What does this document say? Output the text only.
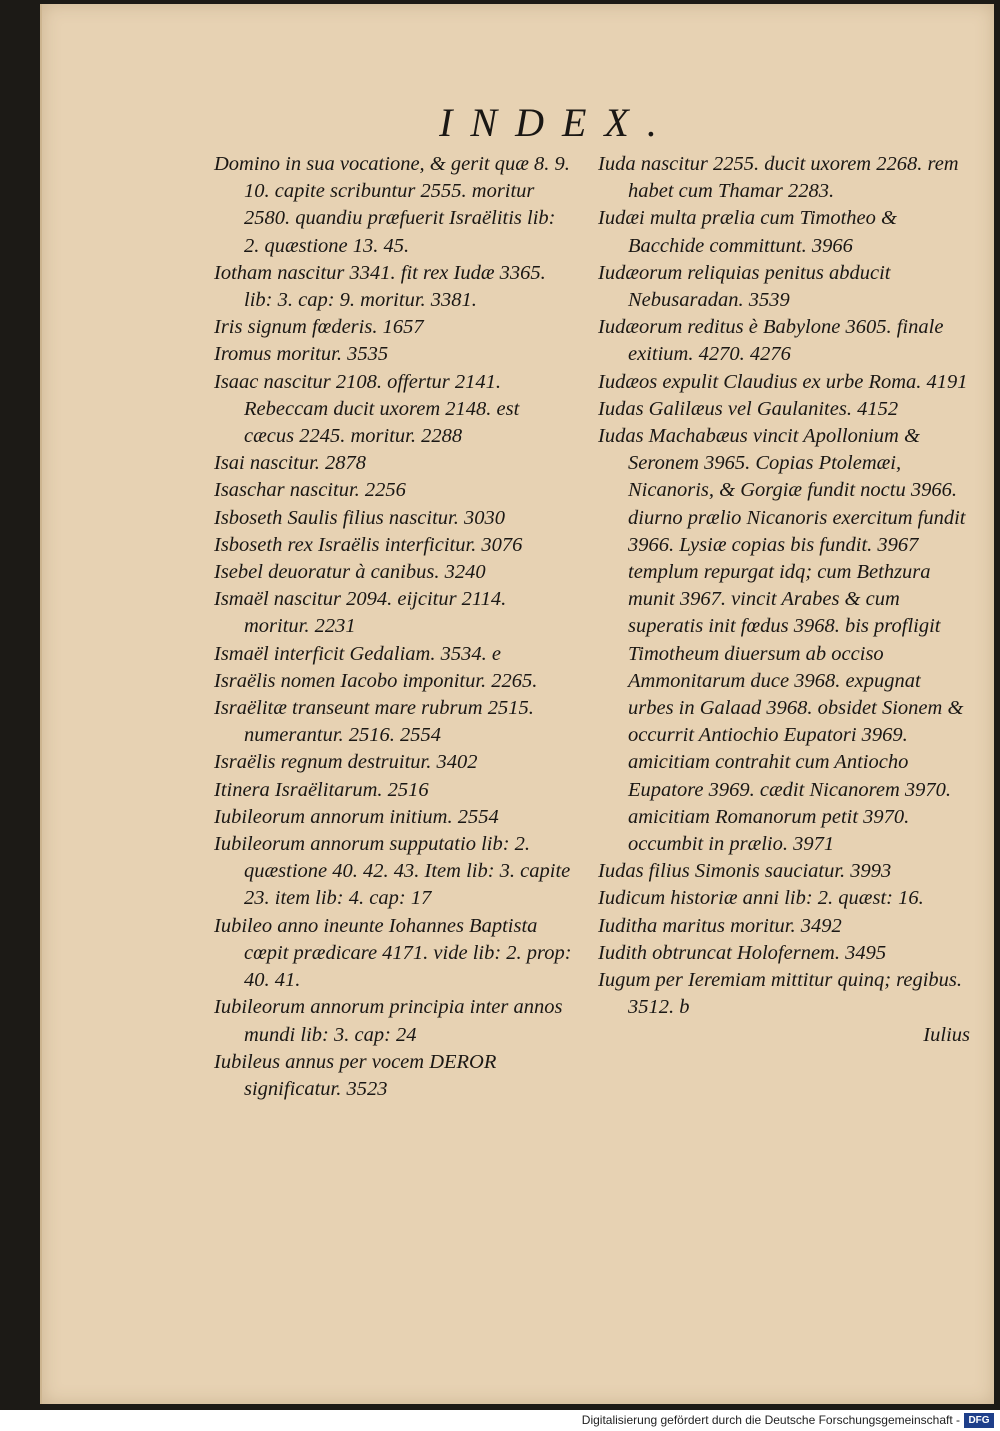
INDEX.
Domino in sua vocatione, & gerit quæ 8. 9. 10. capite scribuntur 2555. moritur 2580. quandiu præfuerit Israëlitis lib: 2. quæstione 13. 45.
Iotham nascitur 3341. fit rex Iudæ 3365. lib: 3. cap: 9. moritur. 3381.
Iris signum fœderis. 1657
Iromus moritur. 3535
Isaac nascitur 2108. offertur 2141. Rebeccam ducit uxorem 2148. est cæcus 2245. moritur. 2288
Isai nascitur. 2878
Isaschar nascitur. 2256
Isboseth Saulis filius nascitur. 3030
Isboseth rex Israëlis interficitur. 3076
Isebel deuoratur à canibus. 3240
Ismaël nascitur 2094. eijcitur 2114. moritur. 2231
Ismaël interficit Gedaliam. 3534. e
Israëlis nomen Iacobo imponitur. 2265.
Israëlitæ transeunt mare rubrum 2515. numerantur. 2516. 2554
Israëlis regnum destruitur. 3402
Itinera Israëlitarum. 2516
Iubileorum annorum initium. 2554
Iubileorum annorum supputatio lib: 2. quæstione 40. 42. 43. Item lib: 3. capite 23. item lib: 4. cap: 17
Iubileo anno ineunte Iohannes Baptista cœpit prædicare 4171. vide lib: 2. prop: 40. 41.
Iubileorum annorum principia inter annos mundi lib: 3. cap: 24
Iubileus annus per vocem DEROR significatur. 3523
Iuda nascitur 2255. ducit uxorem 2268. rem habet cum Thamar 2283.
Iudæi multa prælia cum Timotheo & Bacchide committunt. 3966
Iudæorum reliquias penitus abducit Nebusaradan. 3539
Iudæorum reditus è Babylone 3605. finale exitium. 4270. 4276
Iudæos expulit Claudius ex urbe Roma. 4191
Iudas Galilæus vel Gaulanites. 4152
Iudas Machabæus vincit Apollonium & Seronem 3965. Copias Ptolemæi, Nicanoris, & Gorgiæ fundit noctu 3966. diurno prælio Nicanoris exercitum fundit 3966. Lysiæ copias bis fundit. 3967 templum repurgat idq; cum Bethzura munit 3967. vincit Arabes & cum superatis init fœdus 3968. bis profligit Timotheum diuersum ab occiso Ammonitarum duce 3968. expugnat urbes in Galaad 3968. obsidet Sionem & occurrit Antiochio Eupatori 3969. amicitiam contrahit cum Antiocho Eupatore 3969. cædit Nicanorem 3970. amicitiam Romanorum petit 3970. occumbit in prælio. 3971
Iudas filius Simonis sauciatur. 3993
Iudicum historiæ anni lib: 2. quæst: 16.
Iuditha maritus moritur. 3492
Iudith obtruncat Holofernem. 3495
Iugum per Ieremiam mittitur quinq; regibus. 3512. b
Iulius
Digitalisierung gefördert durch die Deutsche Forschungsgemeinschaft - DFG
